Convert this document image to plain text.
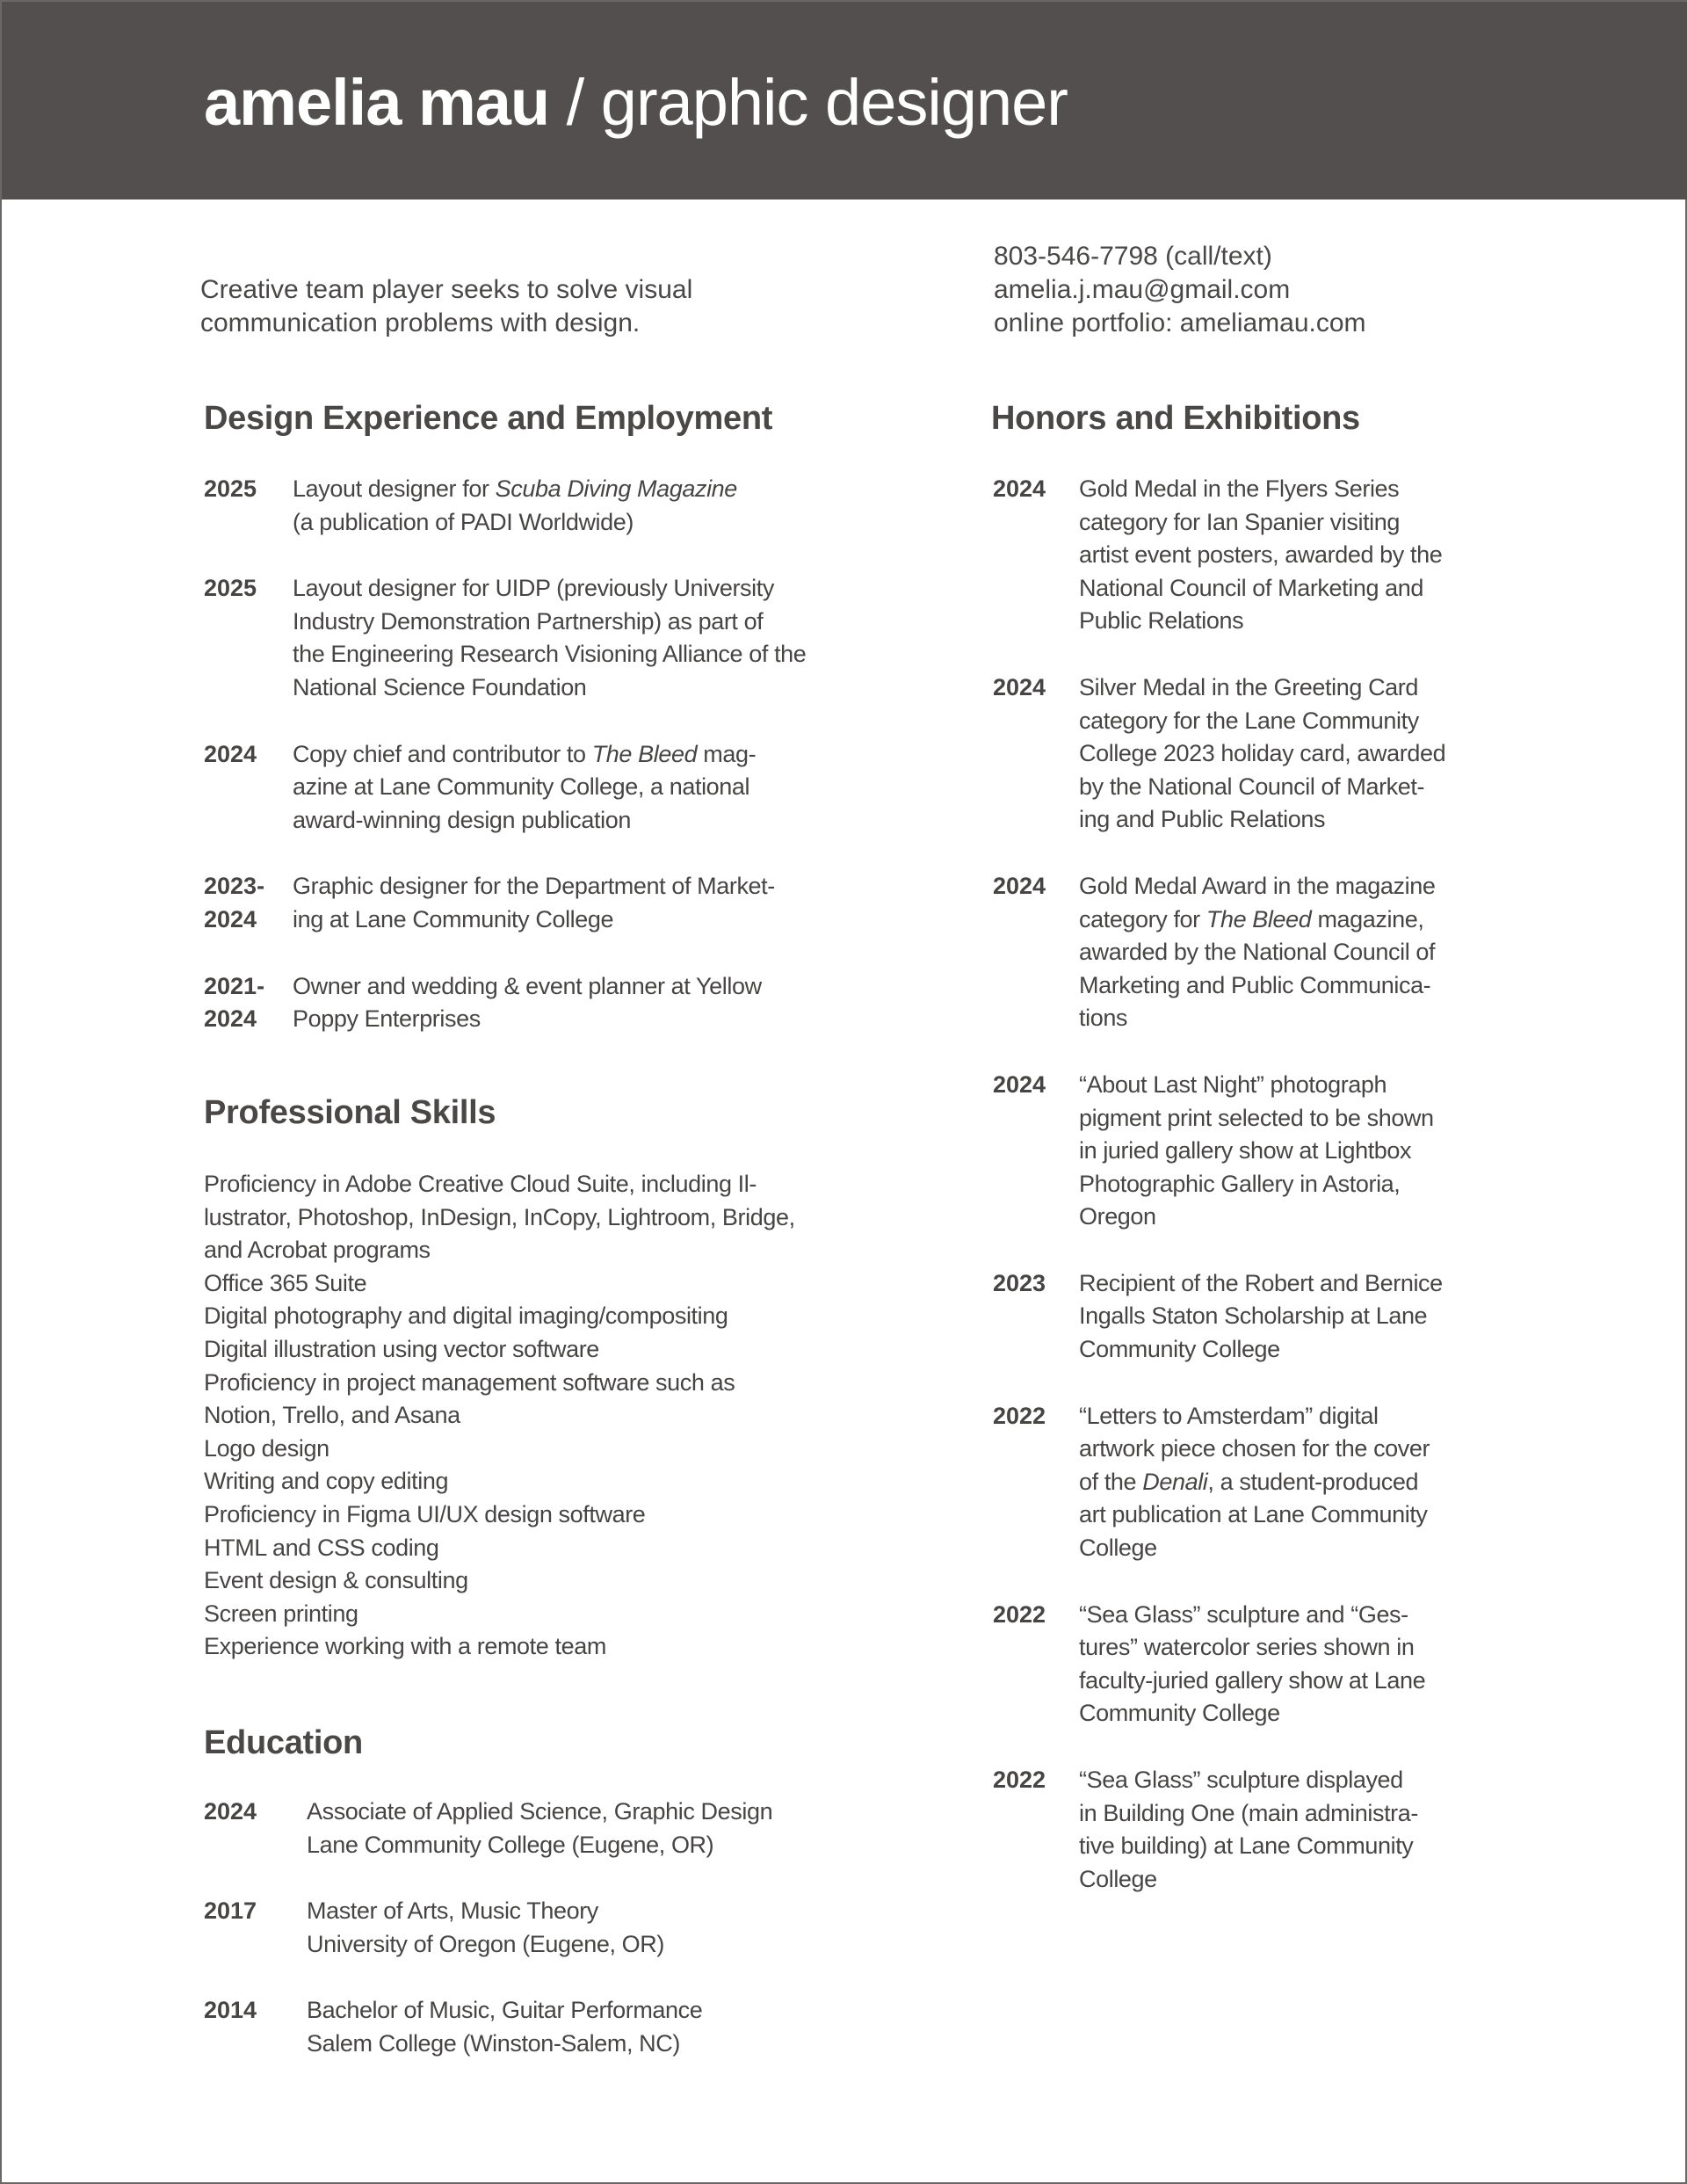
amelia mau / graphic designer
Creative team player seeks to solve visual
communication problems with design.
803-546-7798 (call/text)
amelia.j.mau@gmail.com
online portfolio: ameliamau.com
Design Experience and Employment
2025 Layout designer for Scuba Diving Magazine
(a publication of PADI Worldwide)
2025 Layout designer for UIDP (previously University
Industry Demonstration Partnership) as part of
the Engineering Research Visioning Alliance of the
National Science Foundation
2024 Copy chief and contributor to The Bleed mag-
azine at Lane Community College, a national
award-winning design publication
2023-
2024
Graphic designer for the Department of Market-
ing at Lane Community College
2021-
2024
Owner and wedding & event planner at Yellow
Poppy Enterprises
Professional Skills
Proficiency in Adobe Creative Cloud Suite, including Il-
lustrator, Photoshop, InDesign, InCopy, Lightroom, Bridge,
and Acrobat programs
Office 365 Suite
Digital photography and digital imaging/compositing
Digital illustration using vector software
Proficiency in project management software such as
Notion, Trello, and Asana
Logo design
Writing and copy editing
Proficiency in Figma UI/UX design software
HTML and CSS coding
Event design & consulting
Screen printing
Experience working with a remote team
Education
2024 Associate of Applied Science, Graphic Design
Lane Community College (Eugene, OR)
2017 Master of Arts, Music Theory
University of Oregon (Eugene, OR)
2014 Bachelor of Music, Guitar Performance
Salem College (Winston-Salem, NC)
Honors and Exhibitions
2024 Gold Medal in the Flyers Series
category for Ian Spanier visiting
artist event posters, awarded by the
National Council of Marketing and
Public Relations
2024 Silver Medal in the Greeting Card
category for the Lane Community
College 2023 holiday card, awarded
by the National Council of Market-
ing and Public Relations
2024 Gold Medal Award in the magazine
category for The Bleed magazine,
awarded by the National Council of
Marketing and Public Communica-
tions
2024 “About Last Night” photograph
pigment print selected to be shown
in juried gallery show at Lightbox
Photographic Gallery in Astoria,
Oregon
2023 Recipient of the Robert and Bernice
Ingalls Staton Scholarship at Lane
Community College
2022 “Letters to Amsterdam” digital
artwork piece chosen for the cover
of the Denali, a student-produced
art publication at Lane Community
College
2022 “Sea Glass” sculpture and “Ges-
tures” watercolor series shown in
faculty-juried gallery show at Lane
Community College
2022 “Sea Glass” sculpture displayed
in Building One (main administra-
tive building) at Lane Community
College
